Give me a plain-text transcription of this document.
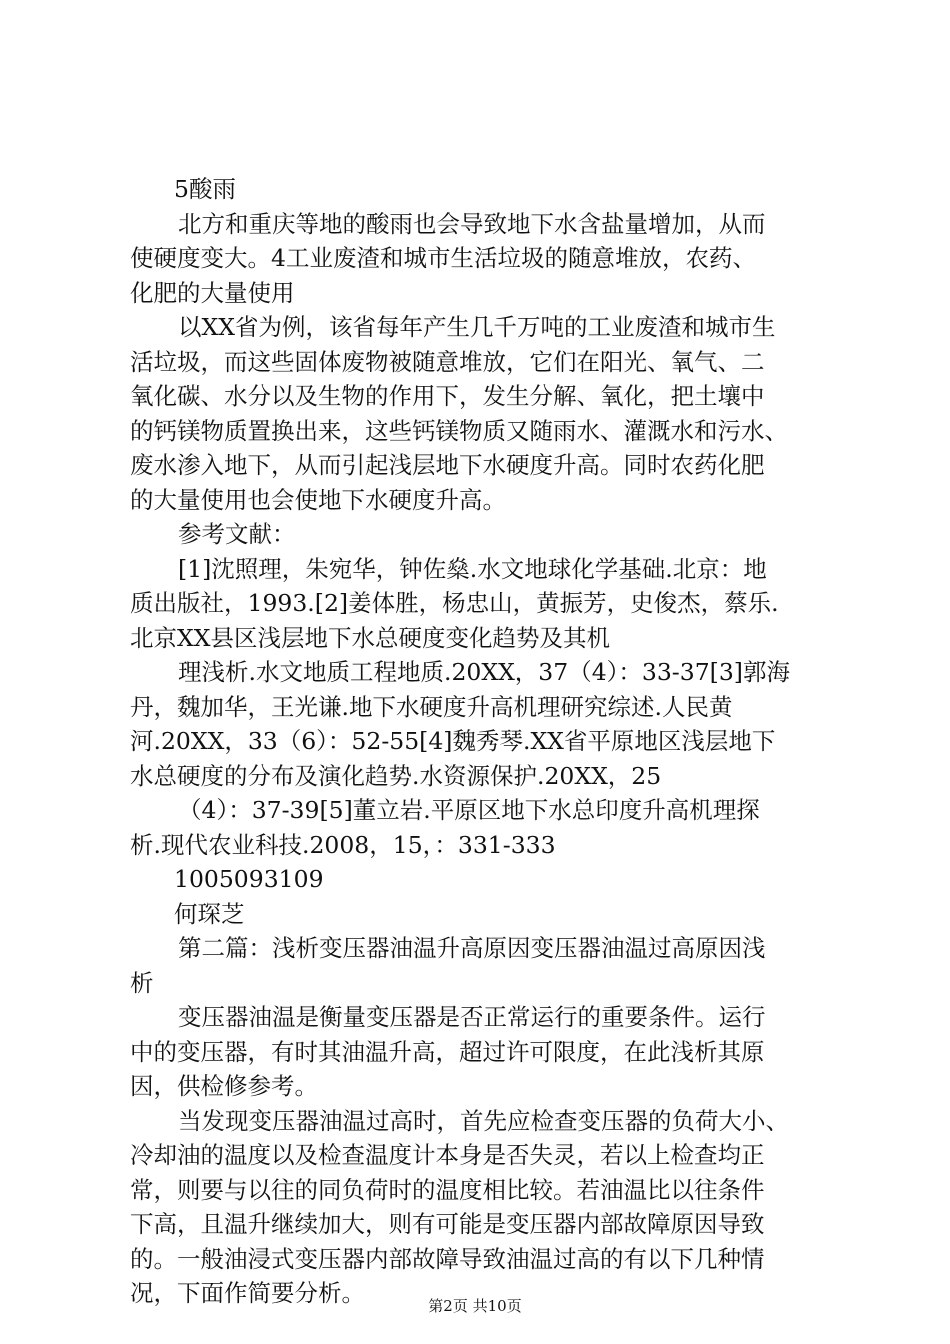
5酸雨
北方和重庆等地的酸雨也会导致地下水含盐量增加，从而
使硬度变大。4工业废渣和城市生活垃圾的随意堆放，农药、
化肥的大量使用
以XX省为例，该省每年产生几千万吨的工业废渣和城市生
活垃圾，而这些固体废物被随意堆放，它们在阳光、氧气、二
氧化碳、水分以及生物的作用下，发生分解、氧化，把土壤中
的钙镁物质置换出来，这些钙镁物质又随雨水、灌溉水和污水、
废水渗入地下，从而引起浅层地下水硬度升高。同时农药化肥
的大量使用也会使地下水硬度升高。
参考文献：
[1]沈照理，朱宛华，钟佐燊.水文地球化学基础.北京：地
质出版社，1993.[2]姜体胜，杨忠山，黄振芳，史俊杰，蔡乐.
北京XX县区浅层地下水总硬度变化趋势及其机
理浅析.水文地质工程地质.20XX，37（4）：33-37[3]郭海
丹，魏加华，王光谦.地下水硬度升高机理研究综述.人民黄
河.20XX，33（6）：52-55[4]魏秀琴.XX省平原地区浅层地下
水总硬度的分布及演化趋势.水资源保护.20XX，25
（4）：37-39[5]董立岩.平原区地下水总印度升高机理探
析.现代农业科技.2008，15，：331-333
1005093109
何琛芝
第二篇：浅析变压器油温升高原因变压器油温过高原因浅
析
变压器油温是衡量变压器是否正常运行的重要条件。运行
中的变压器，有时其油温升高，超过许可限度，在此浅析其原
因，供检修参考。
当发现变压器油温过高时，首先应检查变压器的负荷大小、
冷却油的温度以及检查温度计本身是否失灵，若以上检查均正
常，则要与以往的同负荷时的温度相比较。若油温比以往条件
下高，且温升继续加大，则有可能是变压器内部故障原因导致
的。一般油浸式变压器内部故障导致油温过高的有以下几种情
况，下面作简要分析。	第2页 共10页
